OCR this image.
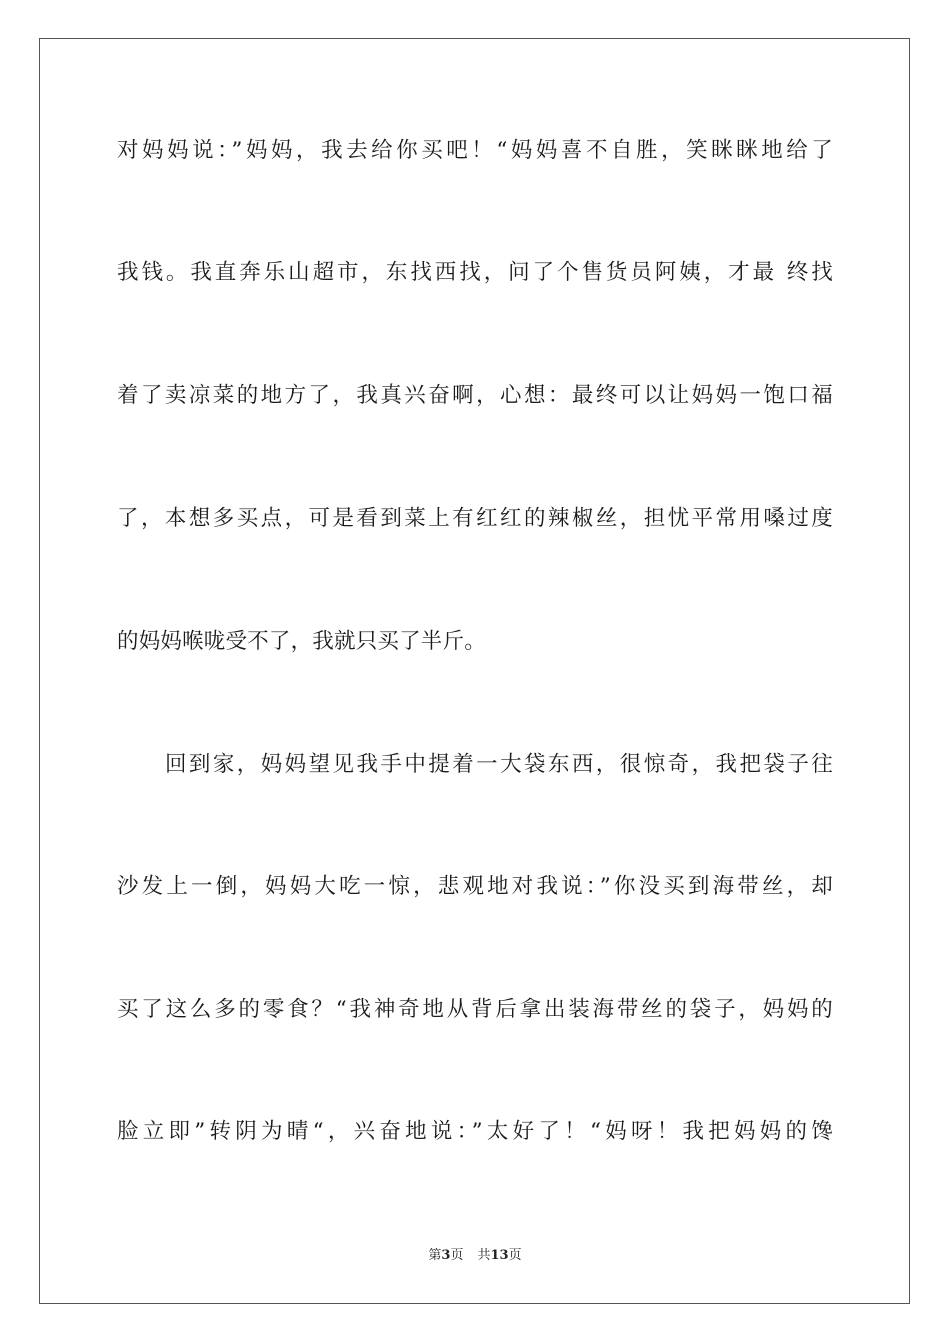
对妈妈说：”妈妈，我去给你买吧！“妈妈喜不自胜，笑眯眯地给了
我钱。我直奔乐山超市，东找西找，问了个售货员阿姨，才最 终找
着了卖凉菜的地方了，我真兴奋啊，心想：最终可以让妈妈一饱口福
了，本想多买点，可是看到菜上有红红的辣椒丝，担忧平常用嗓过度
的妈妈喉咙受不了，我就只买了半斤。
回到家，妈妈望见我手中提着一大袋东西，很惊奇，我把袋子往
沙发上一倒，妈妈大吃一惊，悲观地对我说：”你没买到海带丝，却
买了这么多的零食？“我神奇地从背后拿出装海带丝的袋子，妈妈的
脸立即”转阴为晴“，兴奋地说：”太好了！“妈呀！我把妈妈的馋
第3页 共13页
